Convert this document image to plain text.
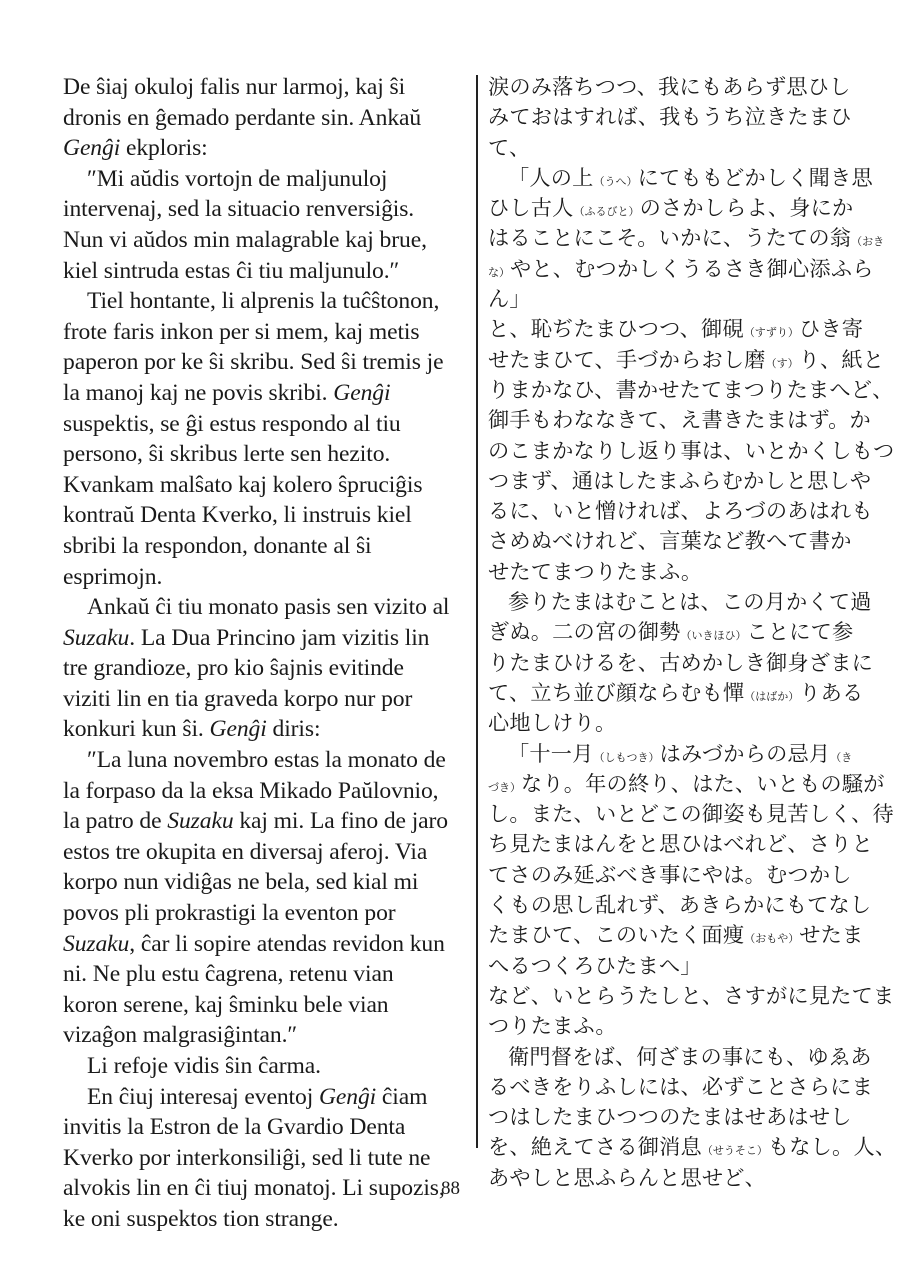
De ŝiaj okuloj falis nur larmoj, kaj ŝi
dronis en ĝemado perdante sin. Ankaŭ
Genĝi ekploris:
″Mi aŭdis vortojn de maljunuloj
intervenaj, sed la situacio renversiĝis.
Nun vi aŭdos min malagrable kaj brue,
kiel sintruda estas ĉi tiu maljunulo.″
Tiel hontante, li alprenis la tuĉŝtonon,
frote faris inkon per si mem, kaj metis
paperon por ke ŝi skribu. Sed ŝi tremis je
la manoj kaj ne povis skribi. Genĝi
suspektis, se ĝi estus respondo al tiu
persono, ŝi skribus lerte sen hezito.
Kvankam malŝato kaj kolero ŝpruciĝis
kontraŭ Denta Kverko, li instruis kiel
sbribi la respondon, donante al ŝi
esprimojn.
Ankaŭ ĉi tiu monato pasis sen vizito al
Suzaku. La Dua Princino jam vizitis lin
tre grandioze, pro kio ŝajnis evitinde
viziti lin en tia graveda korpo nur por
konkuri kun ŝi. Genĝi diris:
″La luna novembro estas la monato de
la forpaso da la eksa Mikado Paŭlovnio,
la patro de Suzaku kaj mi. La fino de jaro
estos tre okupita en diversaj aferoj. Via
korpo nun vidiĝas ne bela, sed kial mi
povos pli prokrastigi la eventon por
Suzaku, ĉar li sopire atendas revidon kun
ni. Ne plu estu ĉagrena, retenu vian
koron serene, kaj ŝminku bele vian
vizaĝon malgrasiĝintan.″
Li refoje vidis ŝin ĉarma.
En ĉiuj interesaj eventoj Genĝi ĉiam
invitis la Estron de la Gvardio Denta
Kverko por interkonsiliĝi, sed li tute ne
alvokis lin en ĉi tiuj monatoj. Li supozis,
ke oni suspektos tion strange.
涙のみ落ちつつ、我にもあらず思ひし
みておはすれば、我もうち泣きたまひ
て、
「人の上（うへ）にてももどかしく聞き思
ひし古人（ふるびと）のさかしらよ、身にか
はることにこそ。いかに、うたての翁（おき
な）やと、むつかしくうるさき御心添ふら
ん」
と、恥ぢたまひつつ、御硯（すずり）ひき寄
せたまひて、手づからおし磨（す）り、紙と
りまかなひ、書かせたてまつりたまへど、
御手もわななきて、え書きたまはず。か
のこまかなりし返り事は、いとかくしもつ
つまず、通はしたまふらむかしと思しや
るに、いと憎ければ、よろづのあはれも
さめぬべけれど、言葉など教へて書か
せたてまつりたまふ。
参りたまはむことは、この月かくて過
ぎぬ。二の宮の御勢（いきほひ）ことにて参
りたまひけるを、古めかしき御身ざまに
て、立ち並び顔ならむも憚（はばか）りある
心地しけり。
「十一月（しもつき）はみづからの忌月（き
づき）なり。年の終り、はた、いともの騒が
し。また、いとどこの御姿も見苦しく、待
ち見たまはんをと思ひはべれど、さりと
てさのみ延ぶべき事にやは。むつかし
くもの思し乱れず、あきらかにもてなし
たまひて、このいたく面痩（おもや）せたま
へるつくろひたまへ」
など、いとらうたしと、さすがに見たてま
つりたまふ。
衛門督をば、何ざまの事にも、ゆゑあ
るべきをりふしには、必ずことさらにま
つはしたまひつつのたまはせあはせし
を、絶えてさる御消息（せうそこ）もなし。人、
あやしと思ふらんと思せど、
88
